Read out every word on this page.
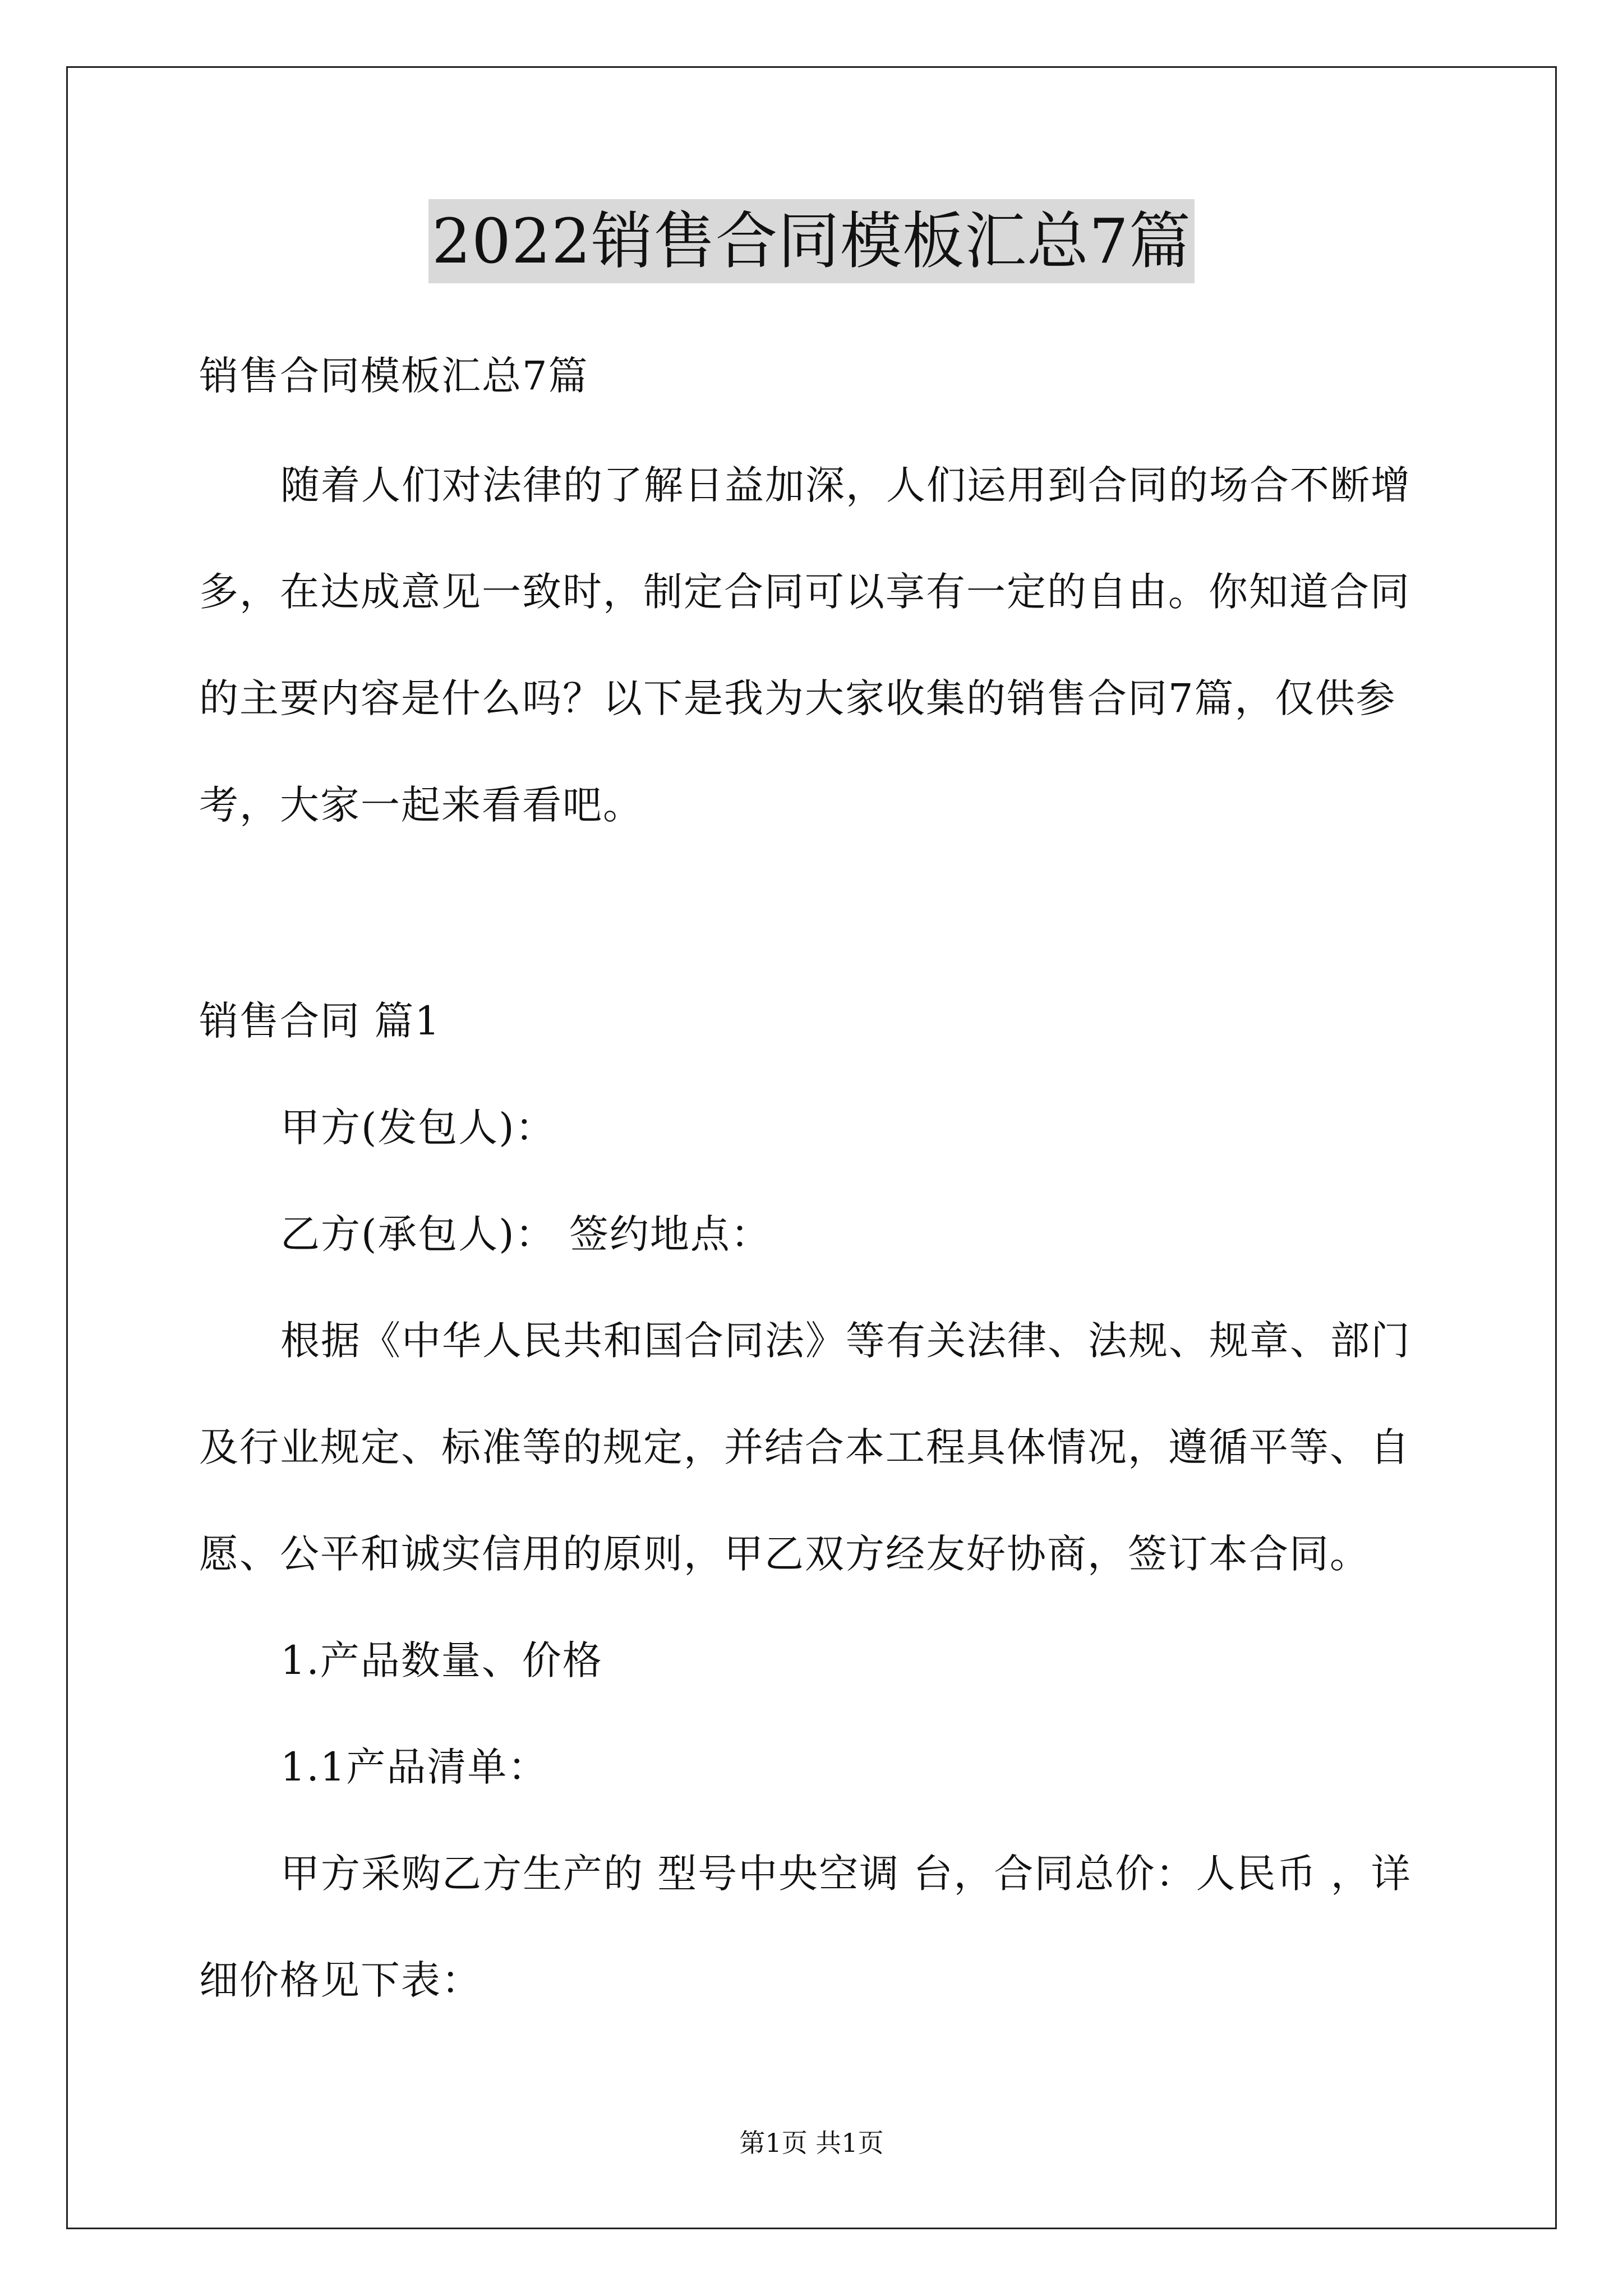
2022销售合同模板汇总7篇
销售合同模板汇总7篇
随着人们对法律的了解日益加深，人们运用到合同的场合不断增
多，在达成意见一致时，制定合同可以享有一定的自由。你知道合同
的主要内容是什么吗？以下是我为大家收集的销售合同7篇，仅供参
考，大家一起来看看吧。
销售合同 篇1
甲方(发包人)：
乙方(承包人)： 签约地点：
根据《中华人民共和国合同法》等有关法律、法规、规章、部门
及行业规定、标准等的规定，并结合本工程具体情况，遵循平等、自
愿、公平和诚实信用的原则，甲乙双方经友好协商，签订本合同。
1.产品数量、价格
1.1产品清单：
甲方采购乙方生产的 型号中央空调 台，合同总价：人民币 ，详
细价格见下表：
第1页 共1页
